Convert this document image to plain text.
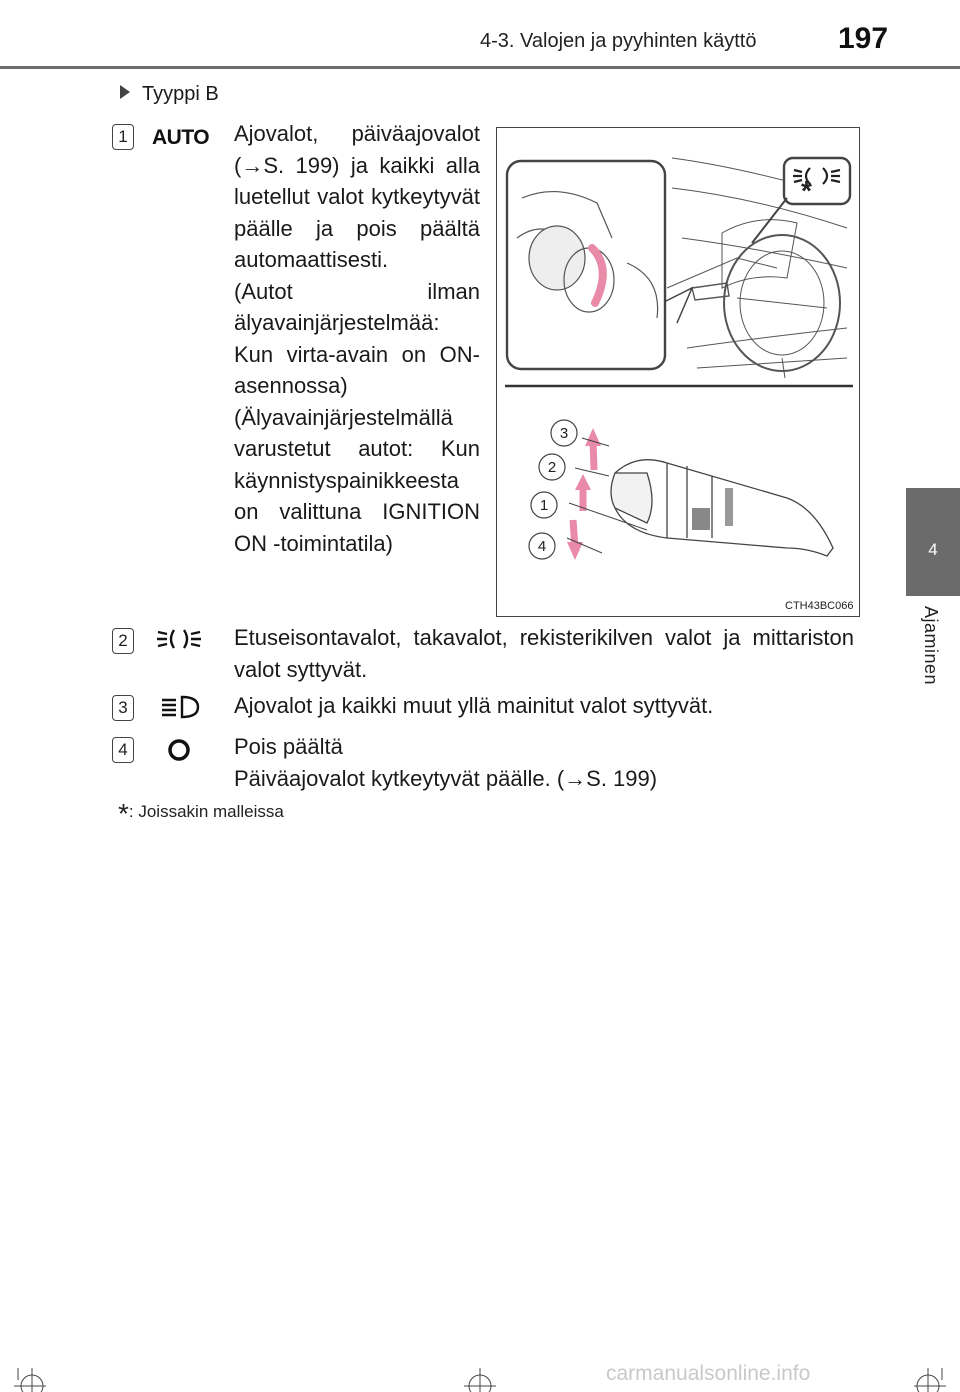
4-3. Valojen ja pyyhinten käyttö	197
4
Ajaminen
Tyyppi B
1 AUTO Ajovalot, päiväajovalot (→S. 199) ja kaikki alla luetellut valot kytkeytyvät päälle ja pois päältä automaattisesti.

(Autot ilman älyavainjärjestelmää: Kun virta-avain on ON-asennossa)

(Älyavainjärjestelmällä varustetut autot: Kun käynnistyspainikkeesta on valittuna IGNITION ON -toimintatila)

*
3
2
1
4
CTH43BC066
2	Etuseisontavalot, takavalot, rekisterikilven valot ja mittariston valot syttyvät.
3	Ajovalot ja kaikki muut yllä mainitut valot syttyvät.
4	Pois päältä
Päiväajovalot kytkeytyvät päälle. (→S. 199)
*: Joissakin malleissa
carmanualsonline.info
